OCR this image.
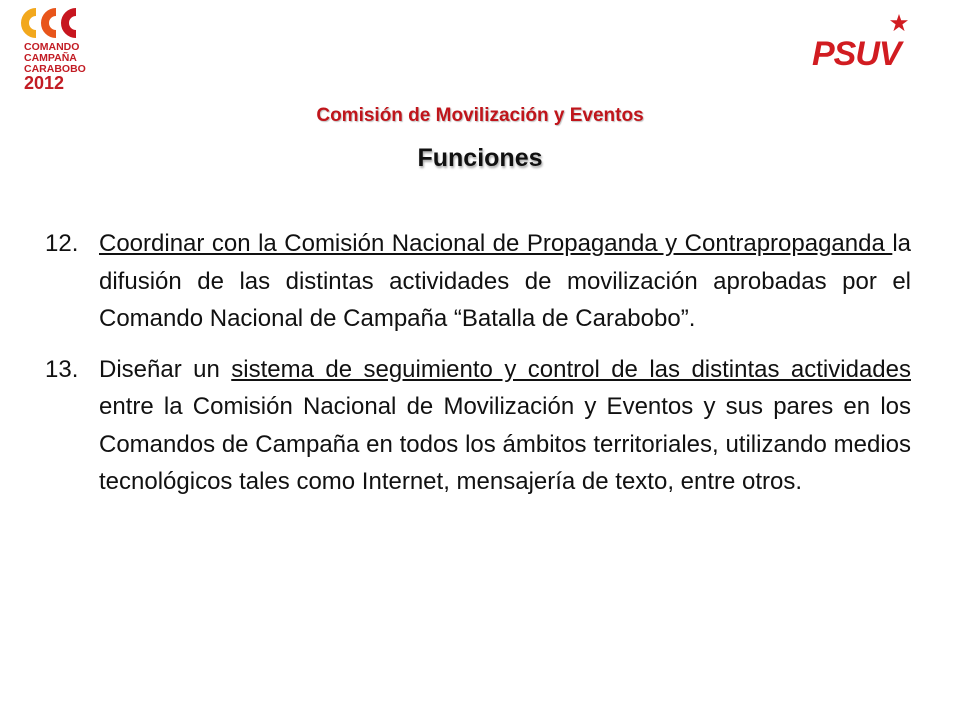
COMANDO
CAMPAÑA
CARABOBO
2012
PSUV
Comisión de Movilización y Eventos
Funciones
12. Coordinar con la Comisión Nacional de Propaganda y Contrapropaganda la difusión de las distintas actividades de movilización aprobadas por el Comando Nacional de Campaña “Batalla de Carabobo”.
13. Diseñar un sistema de seguimiento y control de las distintas actividades entre la Comisión Nacional de Movilización y Eventos y sus pares en los Comandos de Campaña en todos los ámbitos territoriales, utilizando medios tecnológicos tales como Internet, mensajería de texto, entre otros.
